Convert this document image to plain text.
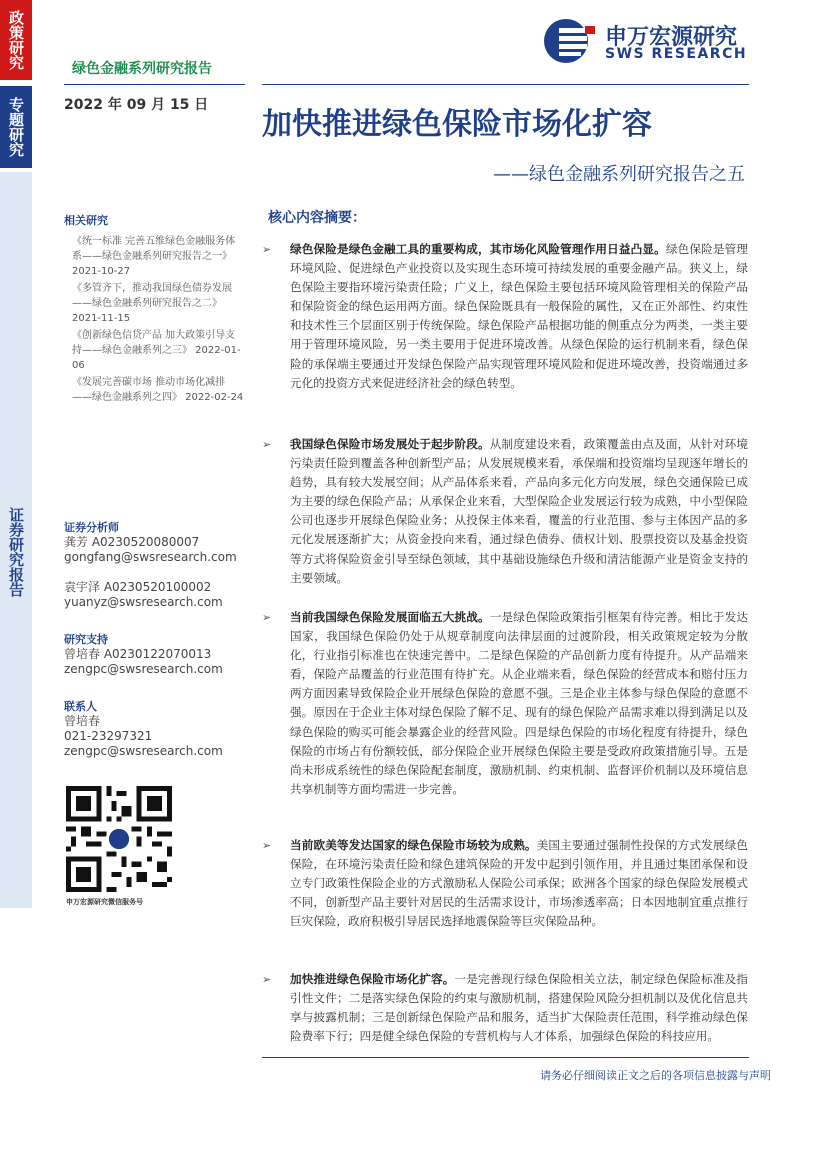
政策研究
专题研究
证券研究报告
绿色金融系列研究报告
申万宏源研究
SWS RESEARCH
2022 年 09 月 15 日
加快推进绿色保险市场化扩容
——绿色金融系列研究报告之五
相关研究
《统一标准 完善五维绿色金融服务体系——绿色金融系列研究报告之一》 2021-10-27
《多管齐下，推动我国绿色债券发展——绿色金融系列研究报告之二》 2021-11-15
《创新绿色信贷产品 加大政策引导支持——绿色金融系列之三》 2022-01-06
《发展完善碳市场 推动市场化减排——绿色金融系列之四》 2022-02-24
证券分析师
龚芳 A0230520080007
gongfang@swsresearch.com
袁宇泽 A0230520100002
yuanyz@swsresearch.com
研究支持
曾培春 A0230122070013
zengpc@swsresearch.com
联系人
曾培春
021-23297321
zengpc@swsresearch.com
申万宏源研究微信服务号
核心内容摘要：
➢ 绿色保险是绿色金融工具的重要构成，其市场化风险管理作用日益凸显。绿色保险是管理环境风险、促进绿色产业投资以及实现生态环境可持续发展的重要金融产品。狭义上，绿色保险主要指环境污染责任险；广义上，绿色保险主要包括环境风险管理相关的保险产品和保险资金的绿色运用两方面。绿色保险既具有一般保险的属性，又在正外部性、约束性和技术性三个层面区别于传统保险。绿色保险产品根据功能的侧重点分为两类，一类主要用于管理环境风险，另一类主要用于促进环境改善。从绿色保险的运行机制来看，绿色保险的承保端主要通过开发绿色保险产品实现管理环境风险和促进环境改善，投资端通过多元化的投资方式来促进经济社会的绿色转型。
➢ 我国绿色保险市场发展处于起步阶段。从制度建设来看，政策覆盖由点及面，从针对环境污染责任险到覆盖各种创新型产品；从发展规模来看，承保端和投资端均呈现逐年增长的趋势，具有较大发展空间；从产品体系来看，产品向多元化方向发展，绿色交通保险已成为主要的绿色保险产品；从承保企业来看，大型保险企业发展运行较为成熟，中小型保险公司也逐步开展绿色保险业务；从投保主体来看，覆盖的行业范围、参与主体因产品的多元化发展逐渐扩大；从资金投向来看，通过绿色债券、债权计划、股票投资以及基金投资等方式将保险资金引导至绿色领域，其中基础设施绿色升级和清洁能源产业是资金支持的主要领域。
➢ 当前我国绿色保险发展面临五大挑战。一是绿色保险政策指引框架有待完善。相比于发达国家，我国绿色保险仍处于从规章制度向法律层面的过渡阶段，相关政策规定较为分散化，行业指引标准也在快速完善中。二是绿色保险的产品创新力度有待提升。从产品端来看，保险产品覆盖的行业范围有待扩充。从企业端来看，绿色保险的经营成本和赔付压力两方面因素导致保险企业开展绿色保险的意愿不强。三是企业主体参与绿色保险的意愿不强。原因在于企业主体对绿色保险了解不足、现有的绿色保险产品需求难以得到满足以及绿色保险的购买可能会暴露企业的经营风险。四是绿色保险的市场化程度有待提升，绿色保险的市场占有份额较低，部分保险企业开展绿色保险主要是受政府政策措施引导。五是尚未形成系统性的绿色保险配套制度，激励机制、约束机制、监督评价机制以及环境信息共享机制等方面均需进一步完善。
➢ 当前欧美等发达国家的绿色保险市场较为成熟。美国主要通过强制性投保的方式发展绿色保险，在环境污染责任险和绿色建筑保险的开发中起到引领作用，并且通过集团承保和设立专门政策性保险企业的方式激励私人保险公司承保；欧洲各个国家的绿色保险发展模式不同，创新型产品主要针对居民的生活需求设计，市场渗透率高；日本因地制宜重点推行巨灾保险，政府积极引导居民选择地震保险等巨灾保险品种。
➢ 加快推进绿色保险市场化扩容。一是完善现行绿色保险相关立法，制定绿色保险标准及指引性文件；二是落实绿色保险的约束与激励机制，搭建保险风险分担机制以及优化信息共享与披露机制；三是创新绿色保险产品和服务，适当扩大保险责任范围，科学推动绿色保险费率下行；四是健全绿色保险的专营机构与人才体系，加强绿色保险的科技应用。
请务必仔细阅读正文之后的各项信息披露与声明
